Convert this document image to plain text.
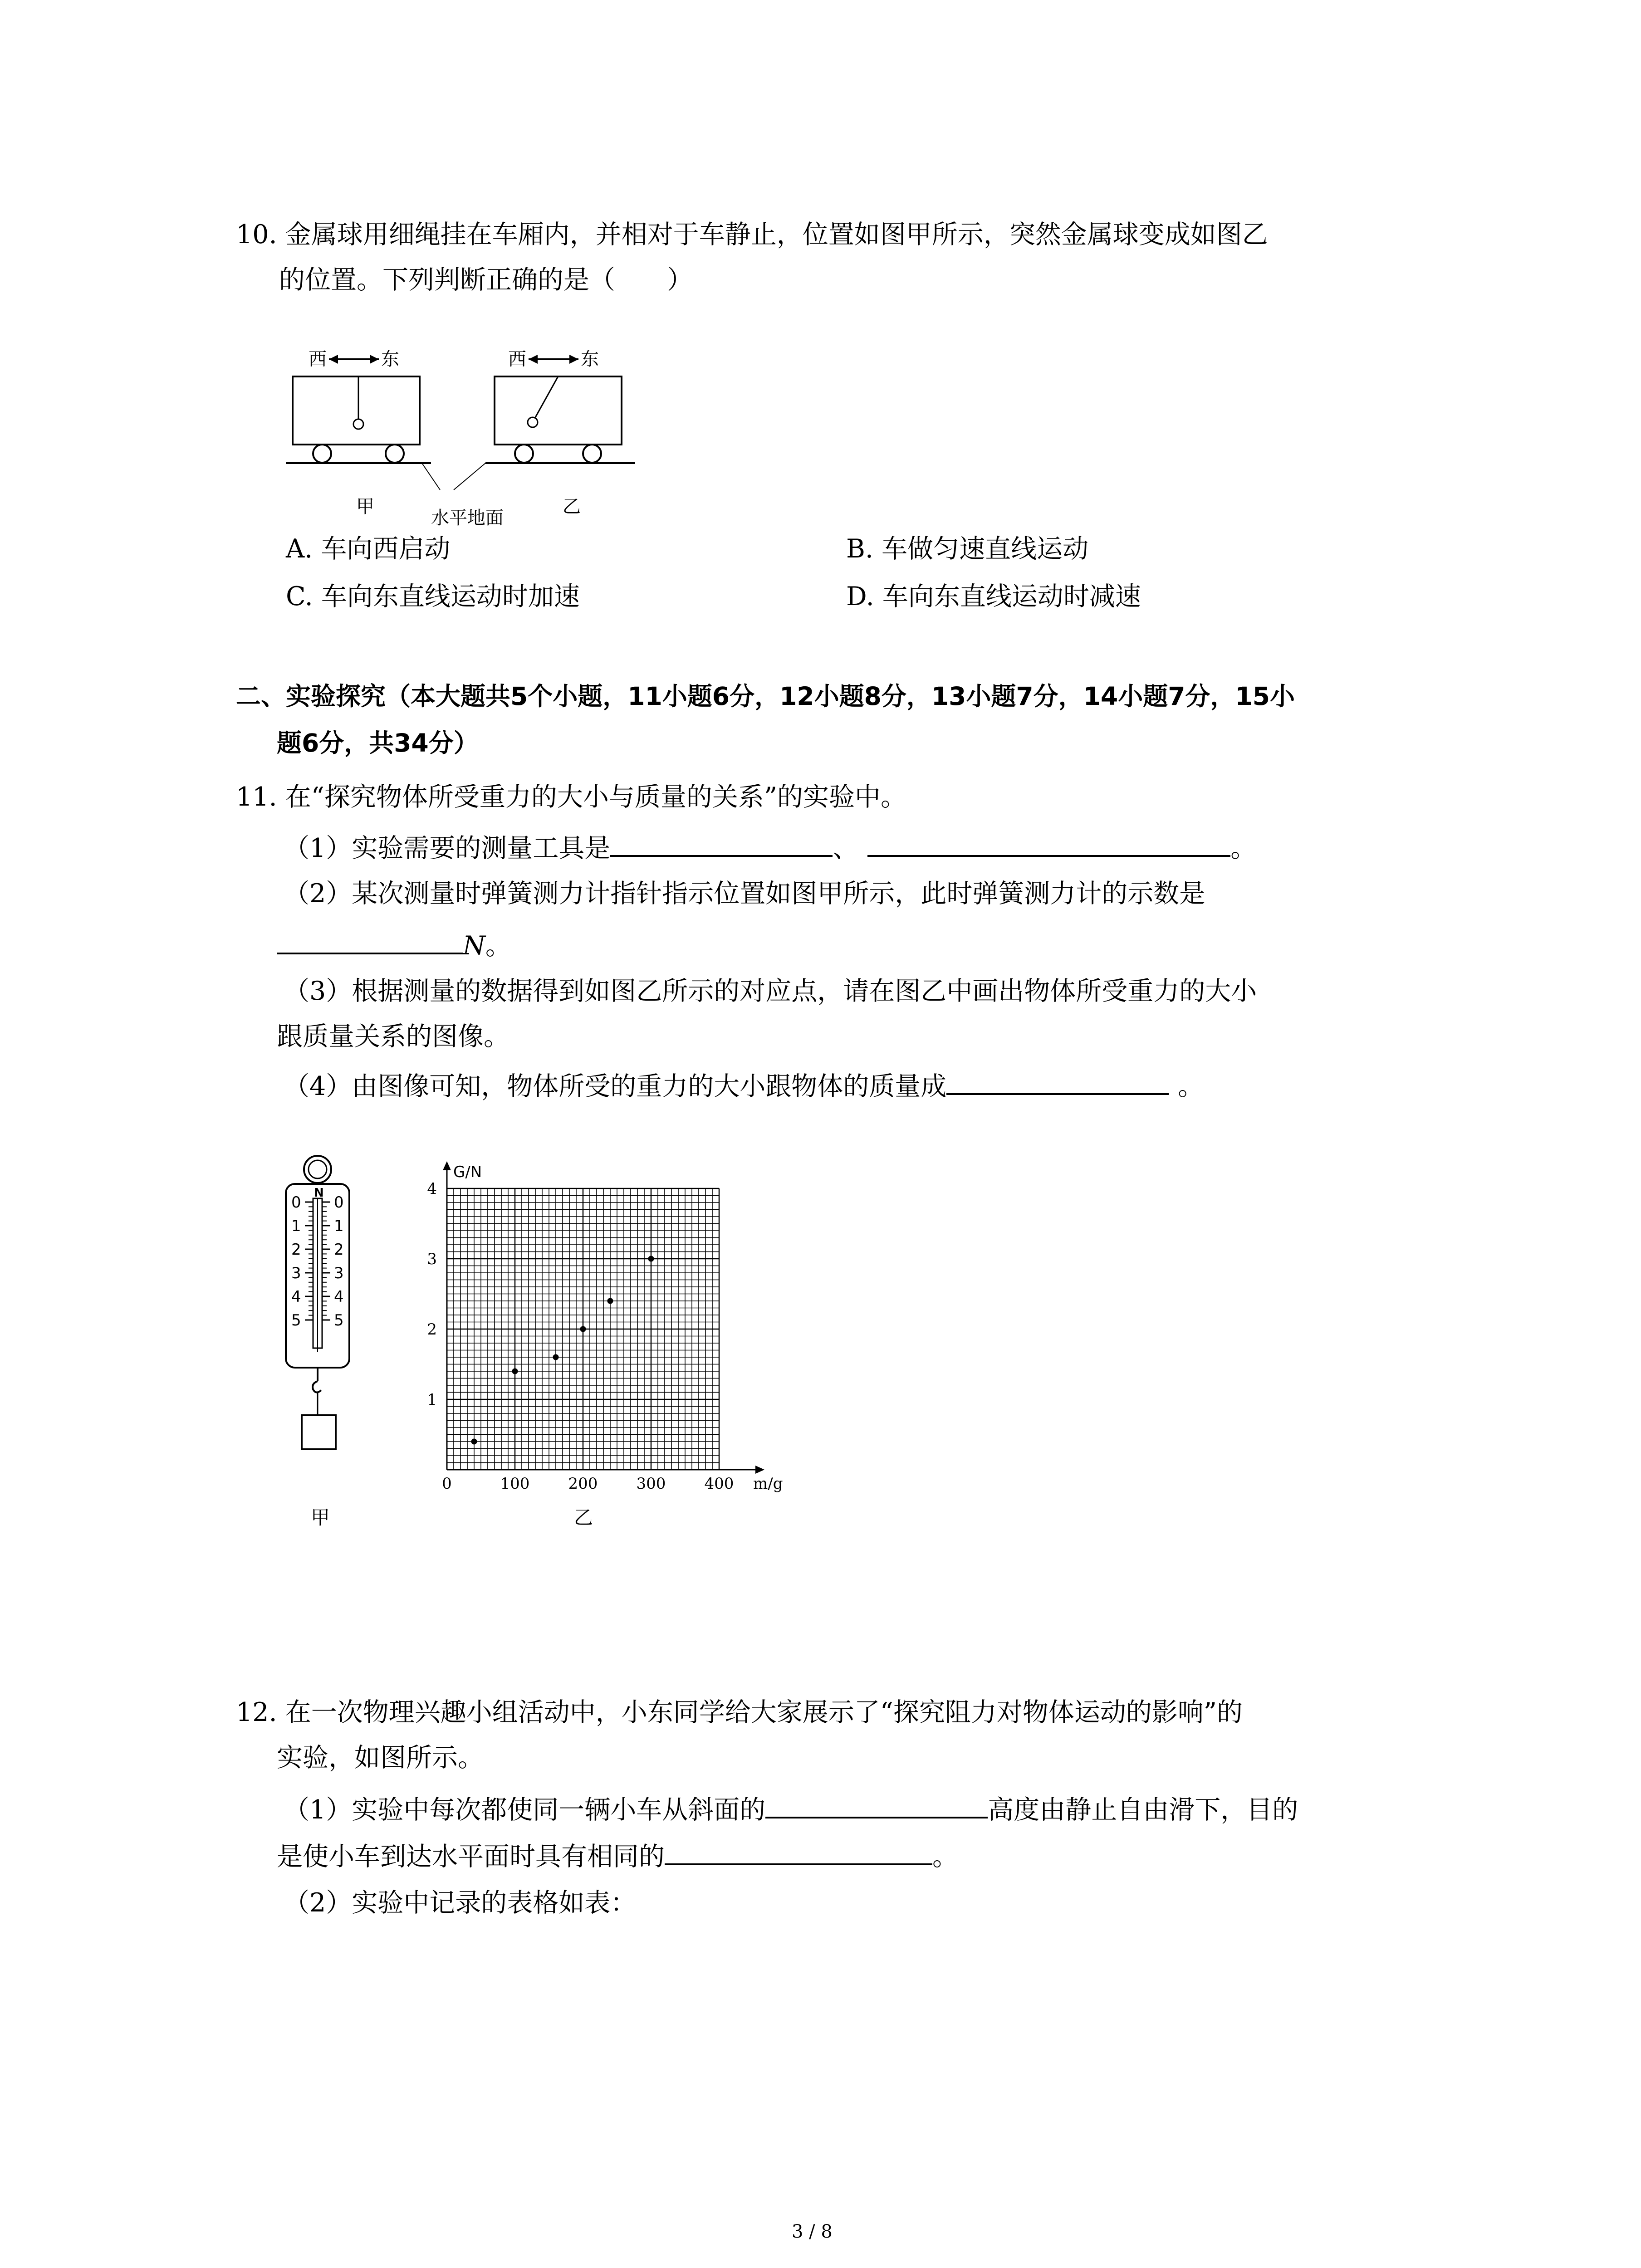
10. 金属球用细绳挂在车厢内，并相对于车静止，位置如图甲所示，突然金属球变成如图乙
的位置。下列判断正确的是（　　）
西	东	西	东
甲
水平地面
乙
A. 车向西启动	B. 车做匀速直线运动
C. 车向东直线运动时加速	D. 车向东直线运动时减速
二、实验探究（本大题共5个小题，11小题6分，12小题8分，13小题7分，14小题7分，15小
题6分，共34分）
11. 在“探究物体所受重力的大小与质量的关系”的实验中。
（1）实验需要的测量工具是	、	。
（2）某次测量时弹簧测力计指针指示位置如图甲所示，此时弹簧测力计的示数是
N。
（3）根据测量的数据得到如图乙所示的对应点，请在图乙中画出物体所受重力的大小
跟质量关系的图像。
（4）由图像可知，物体所受的重力的大小跟物体的质量成	。
N
0 0
1 1
2 2
3 3
4 4
5 5
甲
G/N
m/g
0	100	200	300	400
1
2
3
4
乙
12. 在一次物理兴趣小组活动中，小东同学给大家展示了“探究阻力对物体运动的影响”的
实验，如图所示。
（1）实验中每次都使同一辆小车从斜面的	高度由静止自由滑下，目的
是使小车到达水平面时具有相同的	。
（2）实验中记录的表格如表：
3 / 8
